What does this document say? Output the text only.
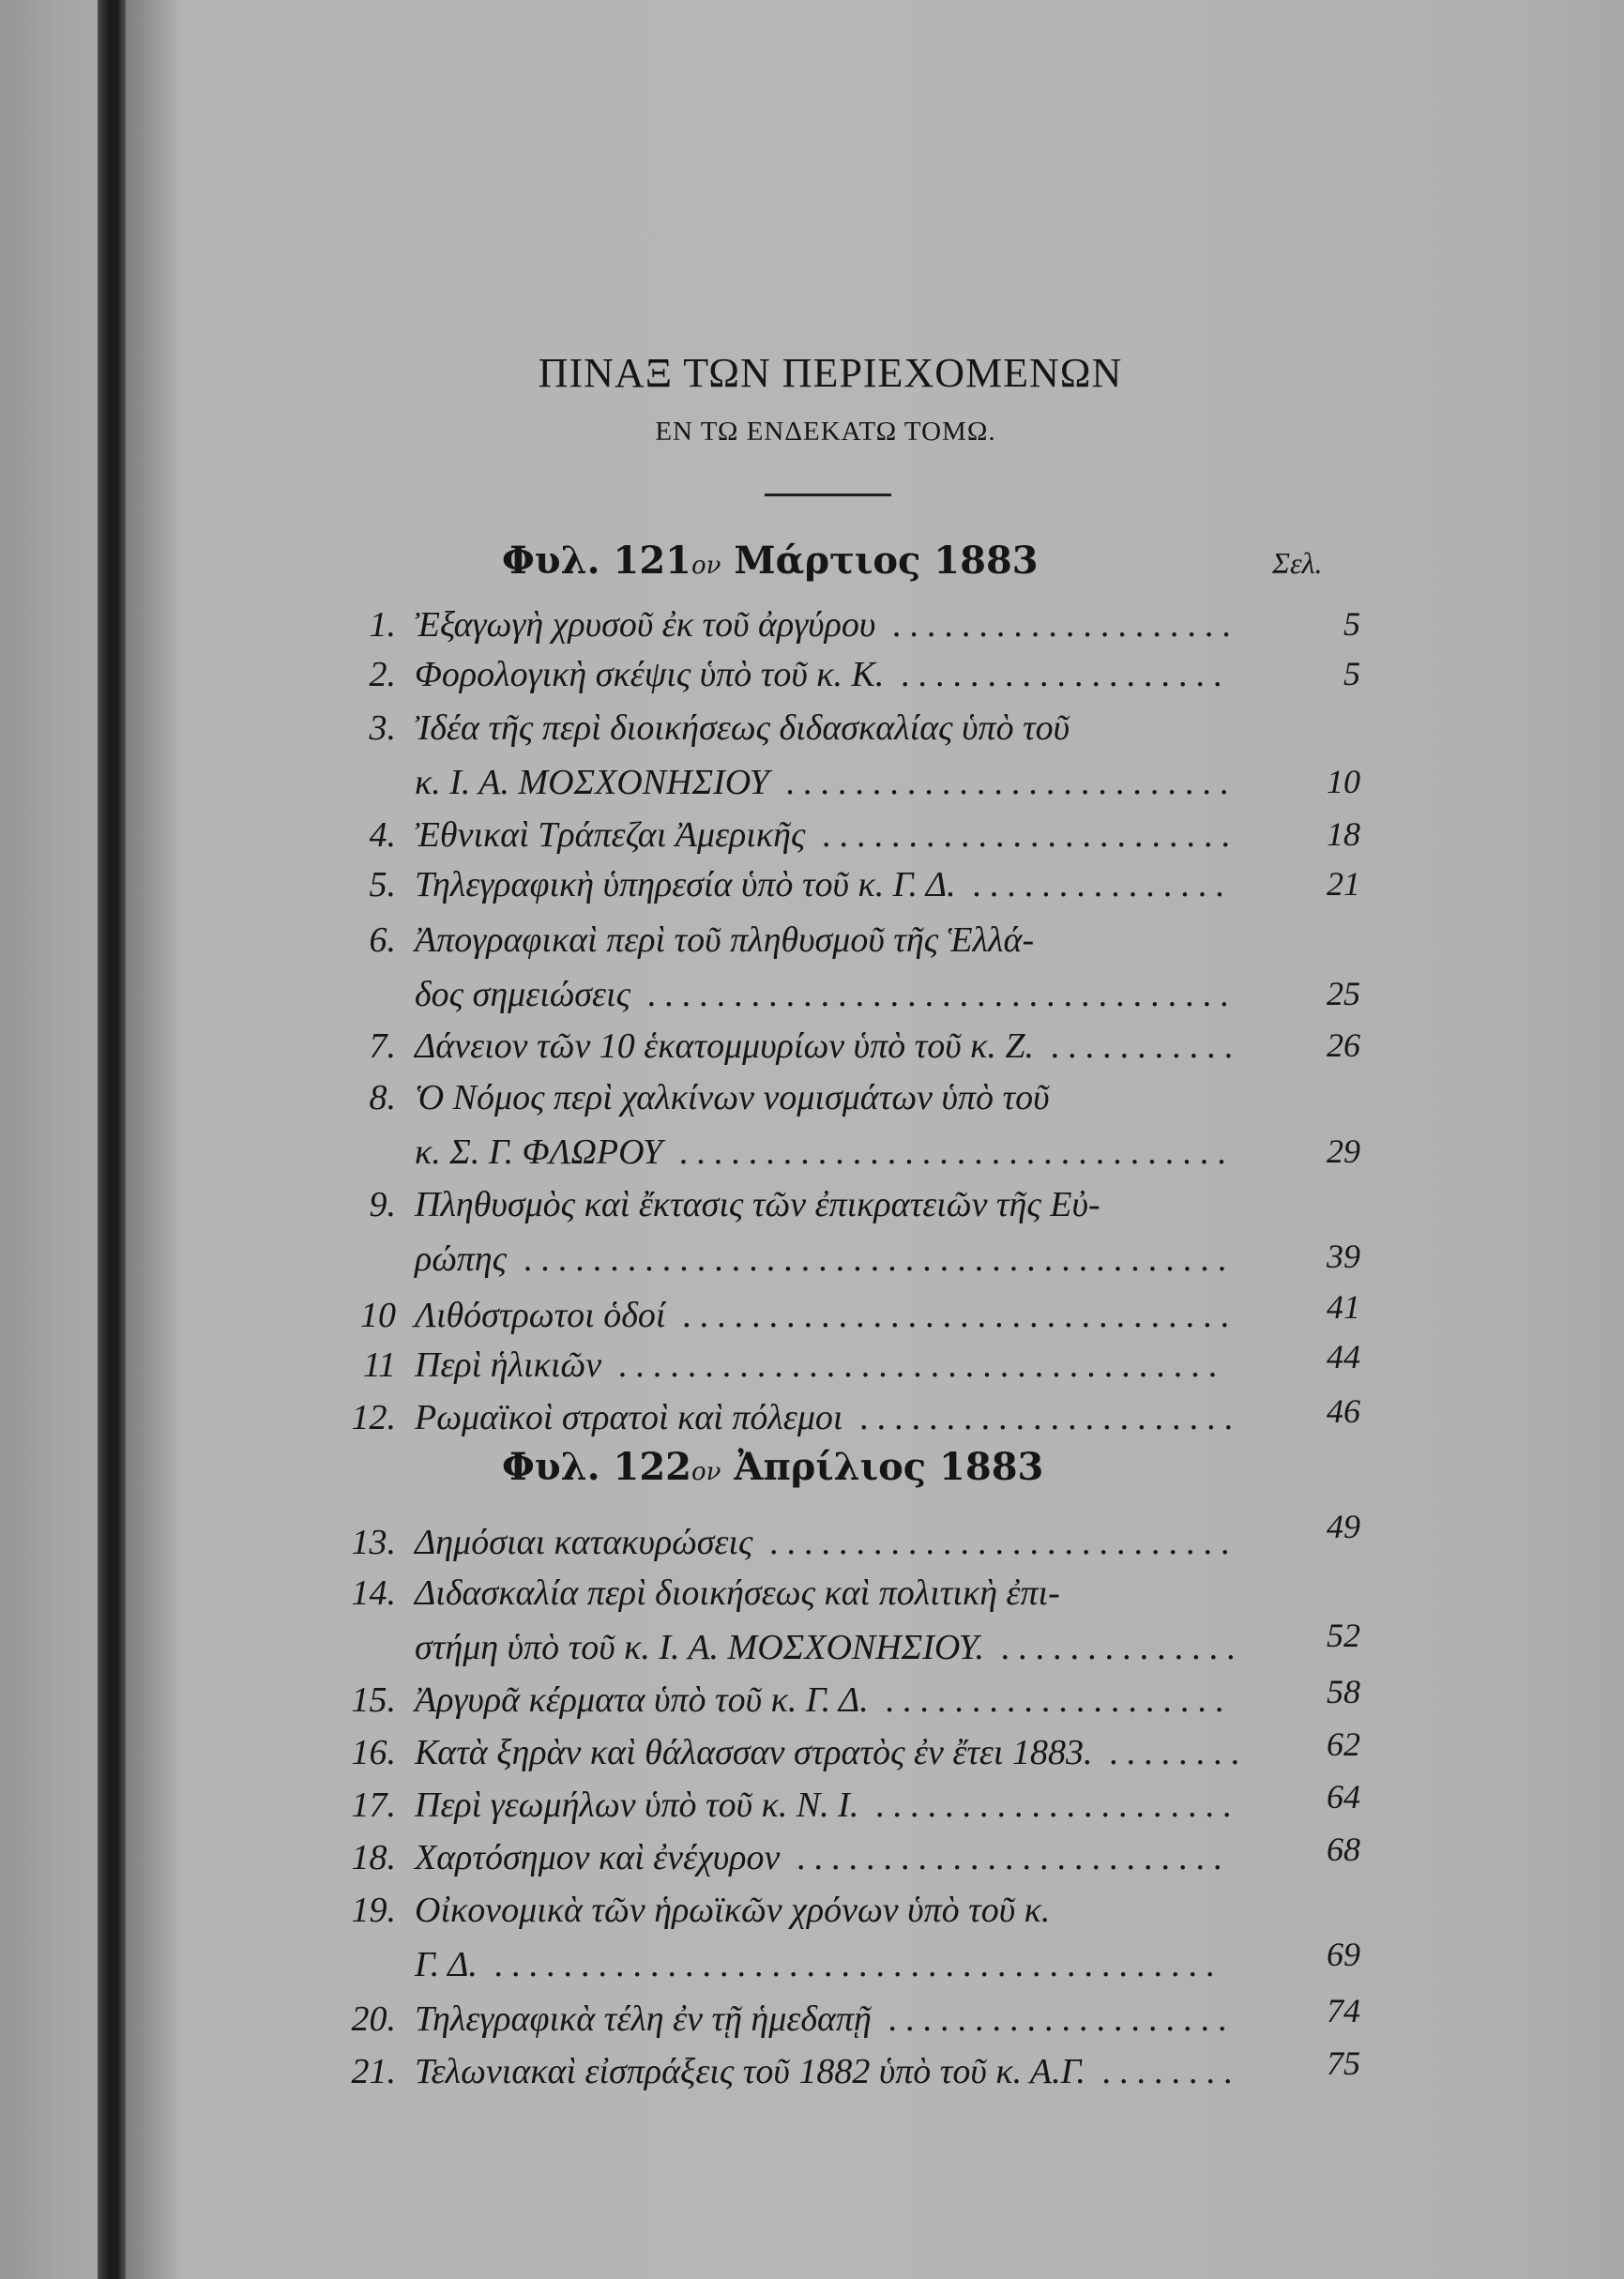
ΠΙΝΑΞ ΤΩΝ ΠΕΡΙΕΧΟΜΕΝΩΝ
ΕΝ ΤΩ ΕΝΔΕΚΑΤΩ ΤΟΜΩ.
Φυλ. 121ον Μάρτιος 1883	Σελ.
Φυλ. 122ον Ἀπρίλιος 1883
1. Ἐξαγωγὴ χρυσοῦ ἐκ τοῦ ἀργύρου ....................	5
2. Φορολογικὴ σκέψις ὑπὸ τοῦ κ. Κ. ...................	5
3. Ἰδέα τῆς περὶ διοικήσεως διδασκαλίας ὑπὸ τοῦ
κ. Ι. Α. ΜΟΣΧΟΝΗΣΙΟΥ ..........................	10
4. Ἐθνικαὶ Τράπεζαι Ἀμερικῆς ........................	18
5. Τηλεγραφικὴ ὑπηρεσία ὑπὸ τοῦ κ. Γ. Δ. ...............	21
6. Ἀπογραφικαὶ περὶ τοῦ πληθυσμοῦ τῆς Ἑλλά-
δος σημειώσεις ..................................	25
7. Δάνειον τῶν 10 ἑκατομμυρίων ὑπὸ τοῦ κ. Ζ. ...........	26
8. Ὁ Νόμος περὶ χαλκίνων νομισμάτων ὑπὸ τοῦ
κ. Σ. Γ. ΦΛΩΡΟΥ ................................	29
9. Πληθυσμὸς καὶ ἔκτασις τῶν ἐπικρατειῶν τῆς Εὐ-
ρώπης .........................................	39
10 Λιθόστρωτοι ὁδοί ................................	41
11 Περὶ ἡλικιῶν ...................................	44
12. Ρωμαϊκοὶ στρατοὶ καὶ πόλεμοι ......................	46
13. Δημόσιαι κατακυρώσεις ...........................	49
14. Διδασκαλία περὶ διοικήσεως καὶ πολιτικὴ ἐπι-
στήμη ὑπὸ τοῦ κ. Ι. Α. ΜΟΣΧΟΝΗΣΙΟΥ. ..............	52
15. Ἀργυρᾶ κέρματα ὑπὸ τοῦ κ. Γ. Δ. ....................	58
16. Κατὰ ξηρὰν καὶ θάλασσαν στρατὸς ἐν ἔτει 1883. ........	62
17. Περὶ γεωμήλων ὑπὸ τοῦ κ. Ν. Ι. .....................	64
18. Χαρτόσημον καὶ ἐνέχυρον .........................	68
19. Οἰκονομικὰ τῶν ἡρωϊκῶν χρόνων ὑπὸ τοῦ κ.
Γ. Δ. ..........................................	69
20. Τηλεγραφικὰ τέλη ἐν τῇ ἡμεδαπῇ ....................	74
21. Τελωνιακαὶ εἰσπράξεις τοῦ 1882 ὑπὸ τοῦ κ. Α.Γ. ........	75
